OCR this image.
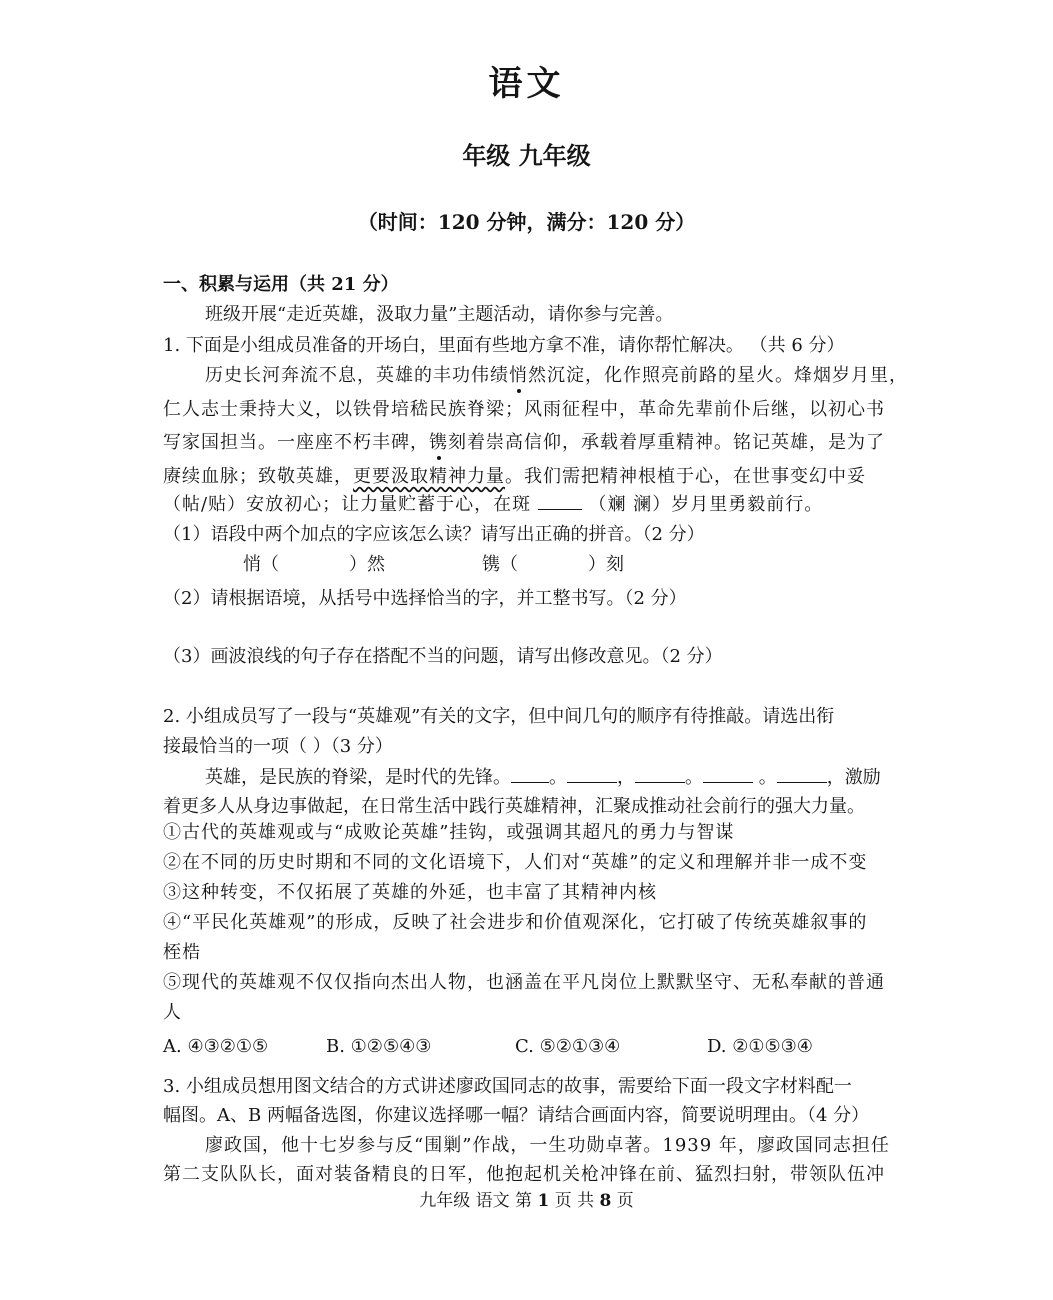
语文
年级 九年级
（时间：120 分钟，满分：120 分）
一、积累与运用（共 21 分）
班级开展“走近英雄，汲取力量”主题活动，请你参与完善。
1. 下面是小组成员准备的开场白，里面有些地方拿不准，请你帮忙解决。 （共 6 分）
历史长河奔流不息，英雄的丰功伟绩悄然沉淀，化作照亮前路的星火。烽烟岁月里，
仁人志士秉持大义，以铁骨培嵇民族脊梁；风雨征程中，革命先辈前仆后继，以初心书
写家国担当。一座座不朽丰碑，镌刻着崇高信仰，承载着厚重精神。铭记英雄，是为了
赓续血脉；致敬英雄，更要汲取精神力量。我们需把精神根植于心，在世事变幻中妥
（帖/贴）安放初心；让力量贮蓄于心，在斑	（斓 澜）岁月里勇毅前行。
（1）语段中两个加点的字应该怎么读？请写出正确的拼音。（2 分）
悄（	）然	镌（	）刻
（2）请根据语境，从括号中选择恰当的字，并工整书写。（2 分）
（3）画波浪线的句子存在搭配不当的问题，请写出修改意见。（2 分）
2. 小组成员写了一段与“英雄观”有关的文字，但中间几句的顺序有待推敲。请选出衔
接最恰当的一项（ ）（3 分）
英雄，是民族的脊梁，是时代的先锋。 。	，	。	。	，激励
着更多人从身边事做起，在日常生活中践行英雄精神，汇聚成推动社会前行的强大力量。
①古代的英雄观或与“成败论英雄”挂钩，或强调其超凡的勇力与智谋
②在不同的历史时期和不同的文化语境下，人们对“英雄”的定义和理解并非一成不变
③这种转变，不仅拓展了英雄的外延，也丰富了其精神内核
④“平民化英雄观”的形成，反映了社会进步和价值观深化，它打破了传统英雄叙事的
桎梏
⑤现代的英雄观不仅仅指向杰出人物，也涵盖在平凡岗位上默默坚守、无私奉献的普通
人
A. ④③②①⑤	B. ①②⑤④③	C. ⑤②①③④	D. ②①⑤③④
3. 小组成员想用图文结合的方式讲述廖政国同志的故事，需要给下面一段文字材料配一
幅图。A、B 两幅备选图，你建议选择哪一幅？请结合画面内容，简要说明理由。（4 分）
廖政国，他十七岁参与反“围剿”作战，一生功勋卓著。1939 年，廖政国同志担任
第二支队队长，面对装备精良的日军，他抱起机关枪冲锋在前、猛烈扫射，带领队伍冲
九年级 语文 第 1 页 共 8 页
